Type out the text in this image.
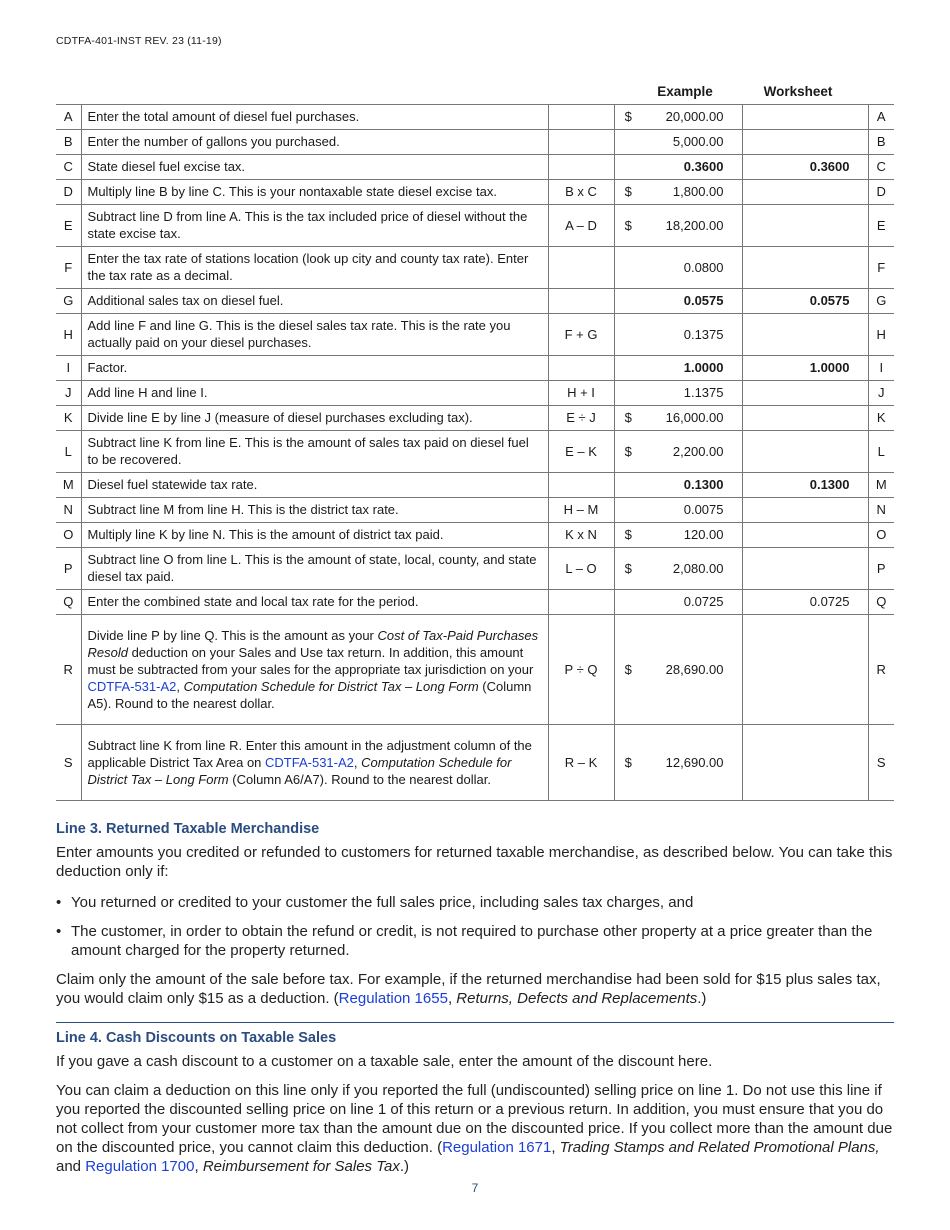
CDTFA-401-INST REV. 23 (11-19)
				Example	Worksheet	
A	Enter the total amount of diesel fuel purchases.		$	20,000.00		A
B	Enter the number of gallons you purchased.			5,000.00		B
C	State diesel fuel excise tax.			0.3600	0.3600	C
D	Multiply line B by line C. This is your nontaxable state diesel excise tax.	B x C	$	1,800.00		D
E	Subtract line D from line A. This is the tax included price of diesel without the state excise tax.	A – D	$	18,200.00		E
F	Enter the tax rate of stations location (look up city and county tax rate). Enter the tax rate as a decimal.			0.0800		F
G	Additional sales tax on diesel fuel.			0.0575	0.0575	G
H	Add line F and line G. This is the diesel sales tax rate. This is the rate you actually paid on your diesel purchases.	F + G		0.1375		H
I	Factor.			1.0000	1.0000	I
J	Add line H and line I.	H + I		1.1375		J
K	Divide line E by line J (measure of diesel purchases excluding tax).	E ÷ J	$	16,000.00		K
L	Subtract line K from line E. This is the amount of sales tax paid on diesel fuel to be recovered.	E – K	$	2,200.00		L
M	Diesel fuel statewide tax rate.			0.1300	0.1300	M
N	Subtract line M from line H. This is the district tax rate.	H – M		0.0075		N
O	Multiply line K by line N. This is the amount of district tax paid.	K x N	$	120.00		O
P	Subtract line O from line L. This is the amount of state, local, county, and state diesel tax paid.	L – O	$	2,080.00		P
Q	Enter the combined state and local tax rate for the period.			0.0725	0.0725	Q
R	Divide line P by line Q. This is the amount as your Cost of Tax-Paid Purchases Resold deduction on your Sales and Use tax return. In addition, this amount must be subtracted from your sales for the appropriate tax jurisdiction on your CDTFA-531-A2, Computation Schedule for District Tax – Long Form (Column A5). Round to the nearest dollar.	P ÷ Q	$	28,690.00		R
S	Subtract line K from line R. Enter this amount in the adjustment column of the applicable District Tax Area on CDTFA-531-A2, Computation Schedule for District Tax – Long Form (Column A6/A7). Round to the nearest dollar.	R – K	$	12,690.00		S
Line 3. Returned Taxable Merchandise
Enter amounts you credited or refunded to customers for returned taxable merchandise, as described below. You can take this deduction only if:
• You returned or credited to your customer the full sales price, including sales tax charges, and
• The customer, in order to obtain the refund or credit, is not required to purchase other property at a price greater than the amount charged for the property returned.
Claim only the amount of the sale before tax. For example, if the returned merchandise had been sold for $15 plus sales tax, you would claim only $15 as a deduction. (Regulation 1655, Returns, Defects and Replacements.)
Line 4. Cash Discounts on Taxable Sales
If you gave a cash discount to a customer on a taxable sale, enter the amount of the discount here.
You can claim a deduction on this line only if you reported the full (undiscounted) selling price on line 1. Do not use this line if you reported the discounted selling price on line 1 of this return or a previous return. In addition, you must ensure that you do not collect from your customer more tax than the amount due on the discounted price. If you collect more than the amount due on the discounted price, you cannot claim this deduction. (Regulation 1671, Trading Stamps and Related Promotional Plans, and Regulation 1700, Reimbursement for Sales Tax.)
7
